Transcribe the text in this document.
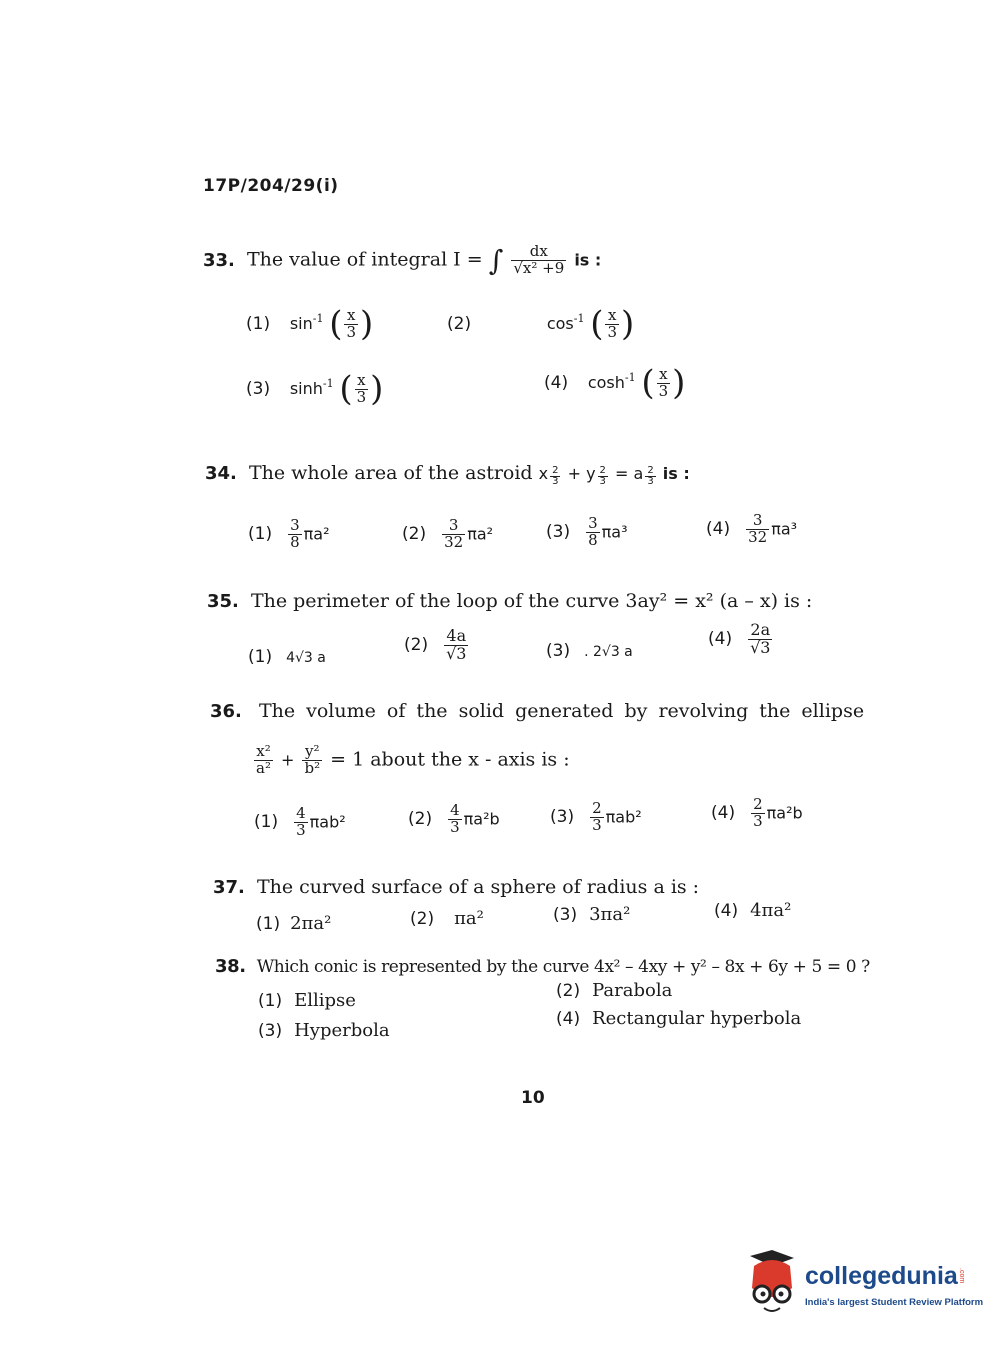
17P/204/29(i)
33. The value of integral I = ∫ $\frac{dx}{\text{√x² +9}}$ is :
(1) $\sin^{-1}$ ( $\frac{x}{3}$ )	(2)	$\cos^{-1}$ ( $\frac{x}{3}$ )
(3) $\sinh^{-1}$ ( $\frac{x}{3}$ )	(4) $\cosh^{-1}$ ( $\frac{x}{3}$ )
34. The whole area of the astroid x $\frac{2}{3} + y \frac{2}{3} = a \frac{2}{3}$ is :
$(1) \frac{3}{8} \pi a^2$	$(2) \frac{3}{32} \pi a^2$	$(3) \frac{3}{8} \pi a^3$	$(4) \frac{3}{32} \pi a^3$
35. The perimeter of the loop of the curve 3ay² = x² (a – x) is :
(1) 4√3 a
$(2) \frac{4a}{√3}$	(3) . 2√3 a
$(4) \frac{2a}{√3}$
36. The volume of the solid generated by revolving the ellipse
$\frac{\text{x²}}{\text{a²}} + \frac{\text{y²}}{\text{b²}} = 1$ about the x - axis is :
$(1) \frac{4}{3} \pi ab^2$	$(2) \frac{4}{3} \pi a^2b$	$(3) \frac{2}{3} \pi ab^2$	$(4) \frac{2}{3} \pi a^2b$
37. The curved surface of a sphere of radius a is :
(1) 2πa²	(2) πa²	(3) 3πa²	(4) 4πa²
38. Which conic is represented by the curve 4x² – 4xy + y² – 8x + 6y + 5 = 0 ?
(1) Ellipse	(2) Parabola
(3) Hyperbola
(4) Rectangular hyperbola
10
collegedunia .com
India's largest Student Review Platform
